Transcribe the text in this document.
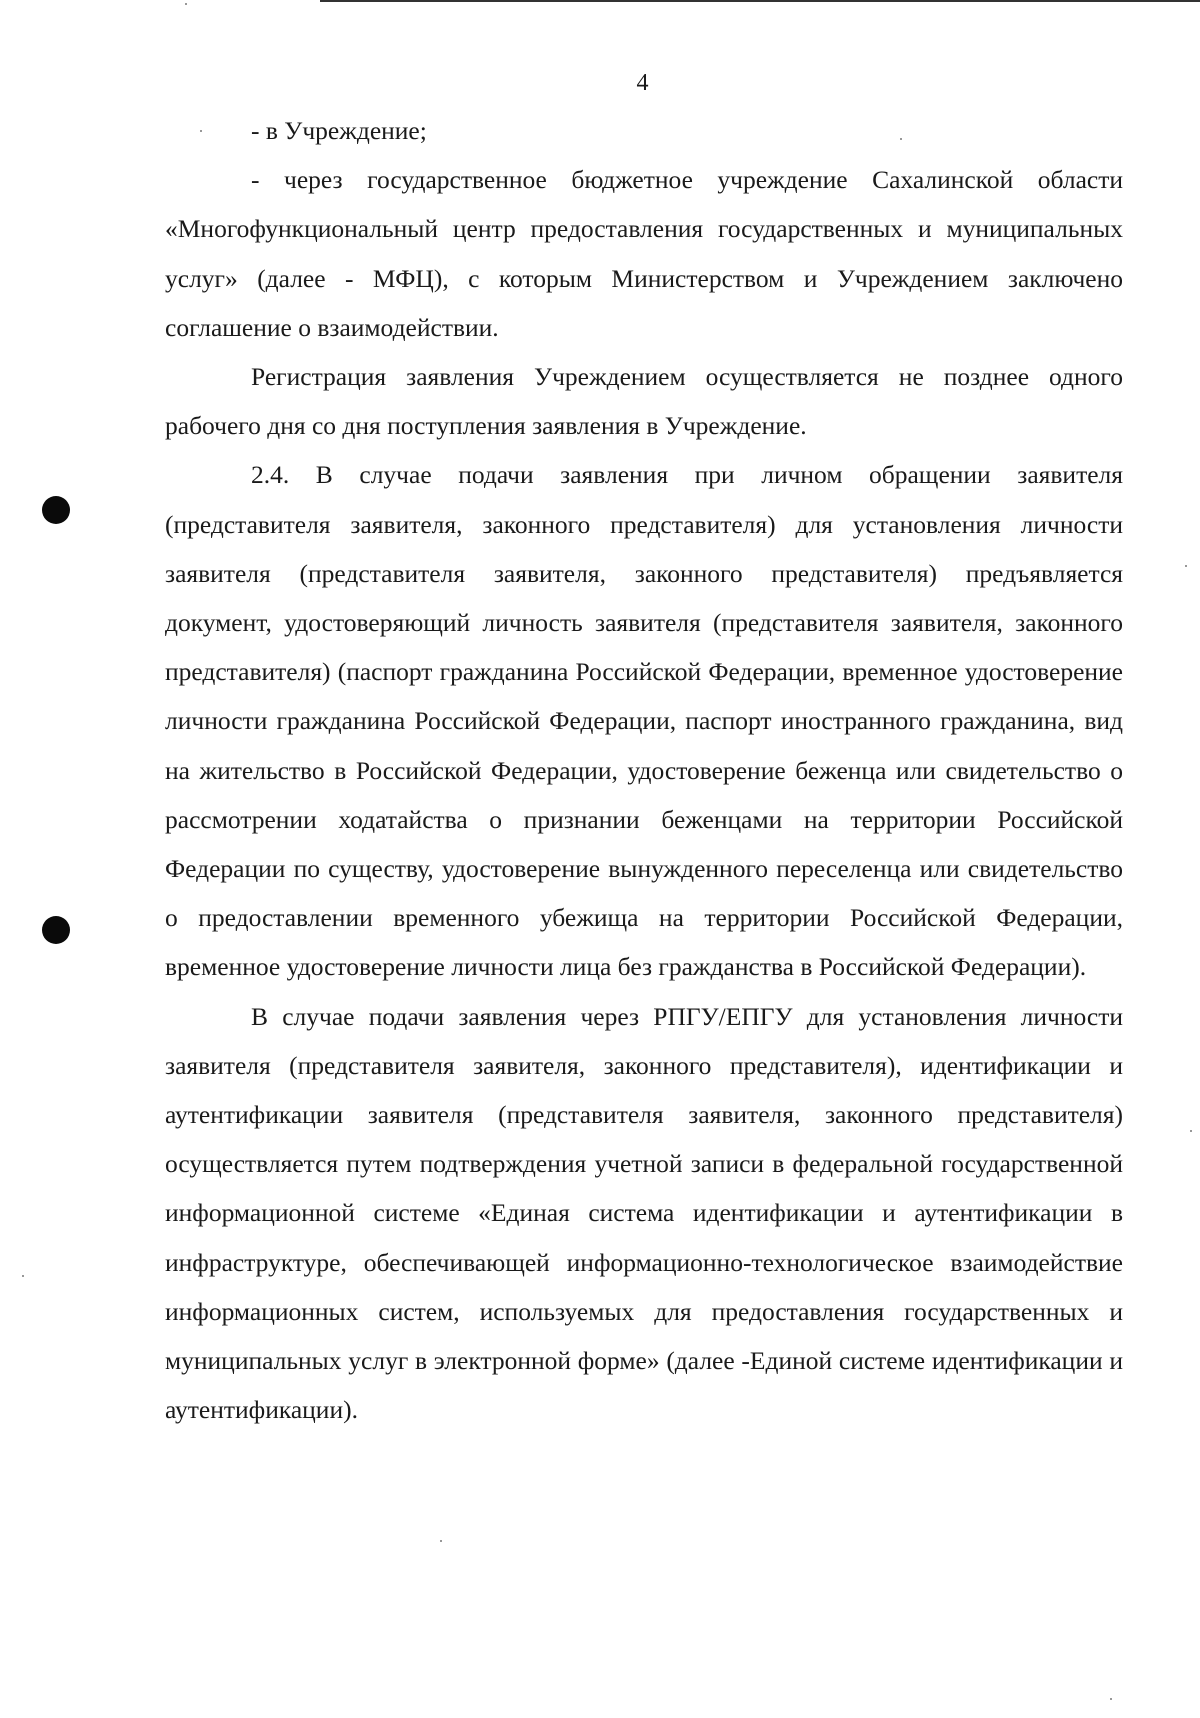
4

- в Учреждение;

- через государственное бюджетное учреждение Сахалинской области «Многофункциональный центр предоставления государственных и муниципальных услуг» (далее - МФЦ), с которым Министерством и Учреждением заключено соглашение о взаимодействии.

Регистрация заявления Учреждением осуществляется не позднее одного рабочего дня со дня поступления заявления в Учреждение.

2.4. В случае подачи заявления при личном обращении заявителя (представителя заявителя, законного представителя) для установления личности заявителя (представителя заявителя, законного представителя) предъявляется документ, удостоверяющий личность заявителя (представителя заявителя, законного представителя) (паспорт гражданина Российской Федерации, временное удостоверение личности гражданина Российской Федерации, паспорт иностранного гражданина, вид на жительство в Российской Федерации, удостоверение беженца или свидетельство о рассмотрении ходатайства о признании беженцами на территории Российской Федерации по существу, удостоверение вынужденного переселенца или свидетельство о предоставлении временного убежища на территории Российской Федерации, временное удостоверение личности лица без гражданства в Российской Федерации).

В случае подачи заявления через РПГУ/ЕПГУ для установления личности заявителя (представителя заявителя, законного представителя), идентификации и аутентификации заявителя (представителя заявителя, законного представителя) осуществляется путем подтверждения учетной записи в федеральной государственной информационной системе «Единая система идентификации и аутентификации в инфраструктуре, обеспечивающей информационно-технологическое взаимодействие информационных систем, используемых для предоставления государственных и муниципальных услуг в электронной форме» (далее -Единой системе идентификации и аутентификации).
